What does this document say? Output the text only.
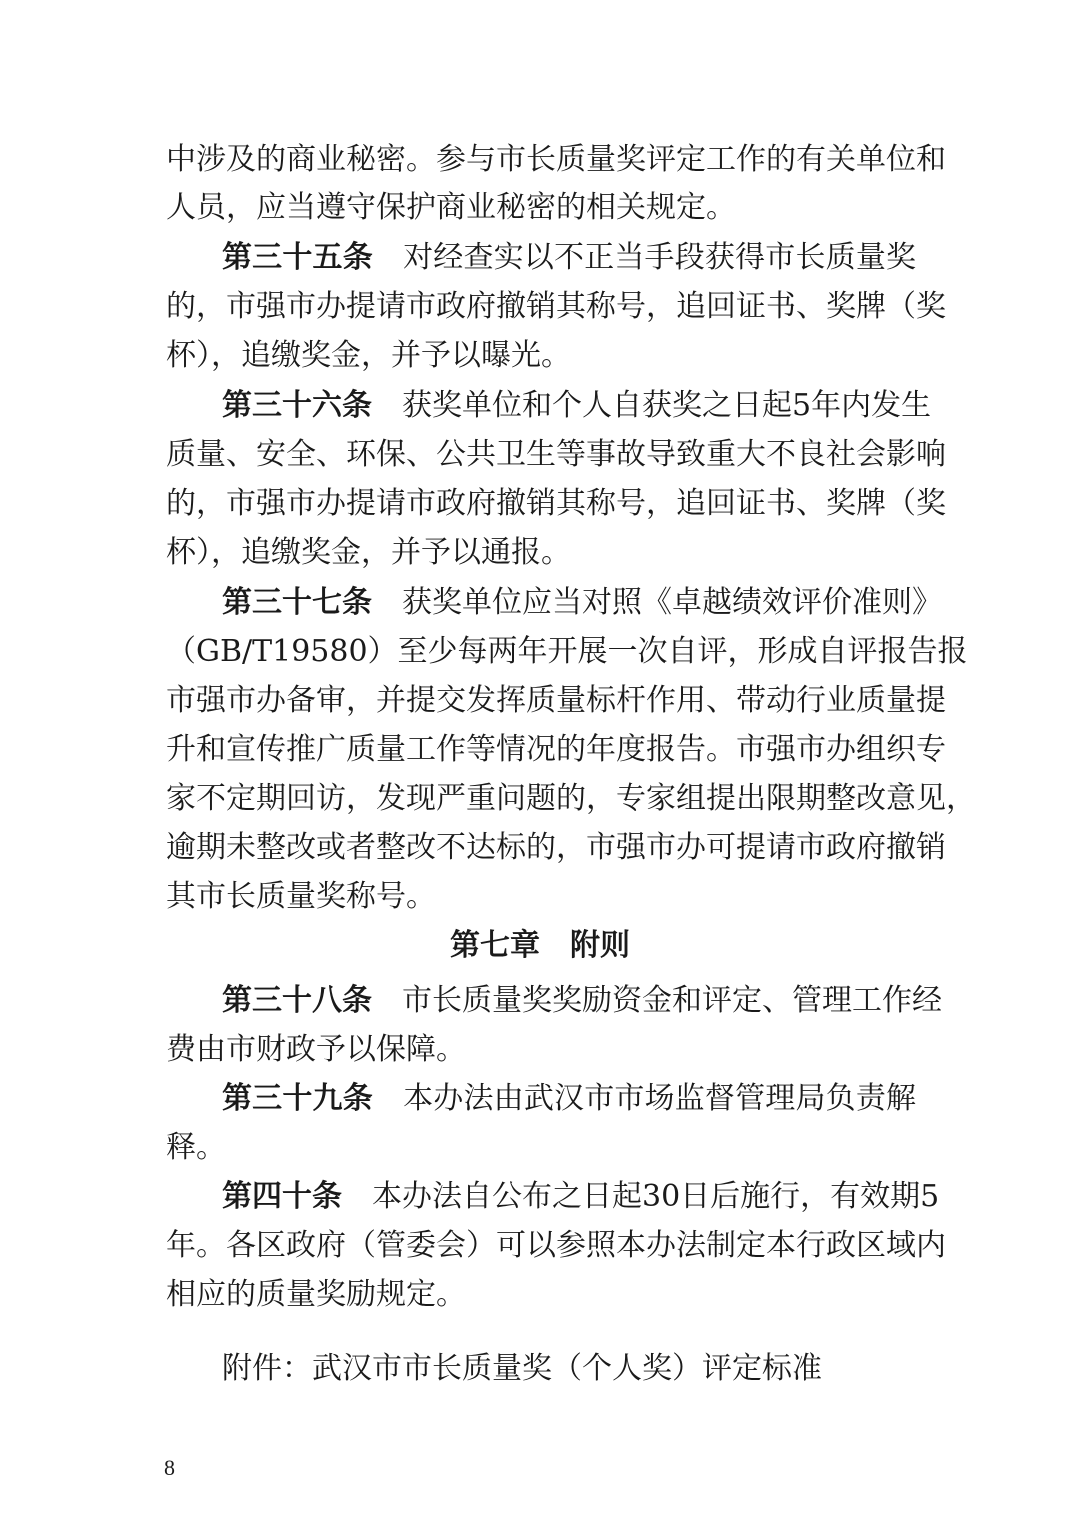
中涉及的商业秘密。参与市长质量奖评定工作的有关单位和
人员，应当遵守保护商业秘密的相关规定。
第三十五条 对经查实以不正当手段获得市长质量奖
的，市强市办提请市政府撤销其称号，追回证书、奖牌（奖
杯），追缴奖金，并予以曝光。
第三十六条 获奖单位和个人自获奖之日起5年内发生
质量、安全、环保、公共卫生等事故导致重大不良社会影响
的，市强市办提请市政府撤销其称号，追回证书、奖牌（奖
杯），追缴奖金，并予以通报。
第三十七条 获奖单位应当对照《卓越绩效评价准则》
（GB/T19580）至少每两年开展一次自评，形成自评报告报
市强市办备审，并提交发挥质量标杆作用、带动行业质量提
升和宣传推广质量工作等情况的年度报告。市强市办组织专
家不定期回访，发现严重问题的，专家组提出限期整改意见，
逾期未整改或者整改不达标的，市强市办可提请市政府撤销
其市长质量奖称号。
第七章　附则
第三十八条 市长质量奖奖励资金和评定、管理工作经
费由市财政予以保障。
第三十九条 本办法由武汉市市场监督管理局负责解
释。
第四十条 本办法自公布之日起30日后施行，有效期5
年。各区政府（管委会）可以参照本办法制定本行政区域内
相应的质量奖励规定。
附件：武汉市市长质量奖（个人奖）评定标准
8
